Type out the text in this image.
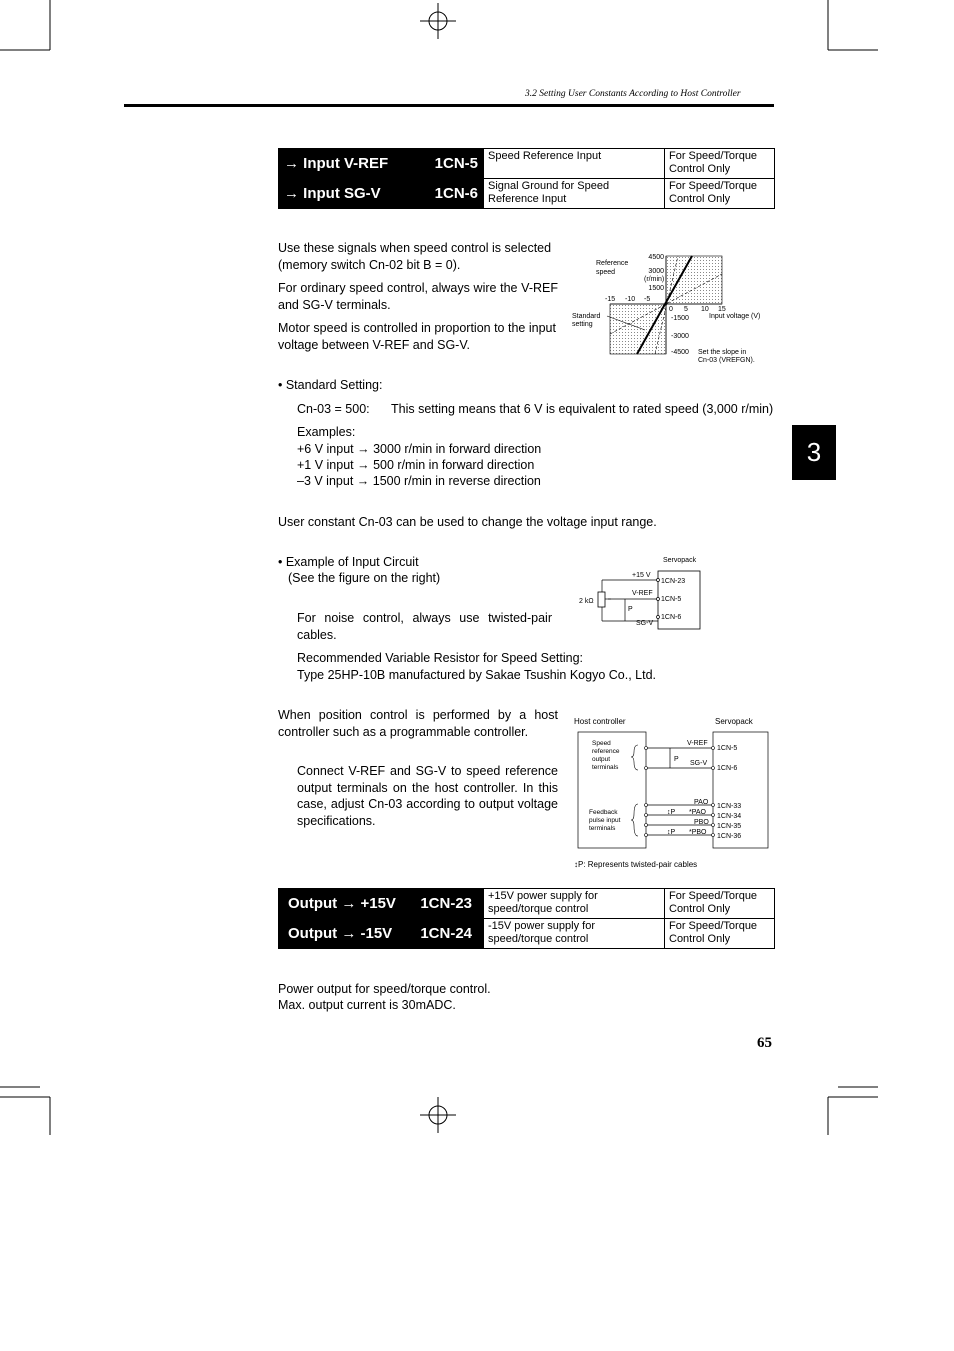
3.2 Setting User Constants According to Host Controller
3
→ Input V-REF 1CN-5	Speed Reference Input	For Speed/Torque Control Only
→ Input SG-V 1CN-6	Signal Ground for Speed Reference Input	For Speed/Torque Control Only
Use these signals when speed control is selected (memory switch Cn-02 bit B = 0).
For ordinary speed control, always wire the V-REF and SG-V terminals.
Motor speed is controlled in proportion to the input voltage between V-REF and SG-V.
Reference speed
(r/min)
4500
3000
1500
-1500
-3000
-4500
-15 -10 -5
0 5 10 15
Input voltage (V)
Standard setting
Set the slope in Cn-03 (VREFGN).
• Standard Setting:
Cn-03 = 500: This setting means that 6 V is equivalent to rated speed (3,000 r/min)
Examples:
+6 V input → 3000 r/min in forward direction
+1 V input → 500 r/min in forward direction
–3 V input → 1500 r/min in reverse direction
User constant Cn-03 can be used to change the voltage input range.
• Example of Input Circuit
(See the figure on the right)
For noise control, always use twisted-pair cables.
Recommended Variable Resistor for Speed Setting:
Type 25HP-10B manufactured by Sakae Tsushin Kogyo Co., Ltd.
Servopack
+15 V
2 kΩ
V-REF
P
SG-V
1CN-23
1CN-5
1CN-6
When position control is performed by a host controller such as a programmable controller.
Connect V-REF and SG-V to speed reference output terminals on the host controller. In this case, adjust Cn-03 according to output voltage specifications.
Host controller	Servopack
Speed reference output terminals
Feedback pulse input terminals
V-REF
SG-V
P
1CN-5
1CN-6
PAO
*PAO
PBO
*PBO
↕P
↕P
1CN-33
1CN-34
1CN-35
1CN-36
↕P: Represents twisted-pair cables
Output → +15V 1CN-23	+15V power supply for speed/torque control	For Speed/Torque Control Only
Output → -15V 1CN-24	-15V power supply for speed/torque control	For Speed/Torque Control Only
Power output for speed/torque control.
Max. output current is 30mADC.
65
